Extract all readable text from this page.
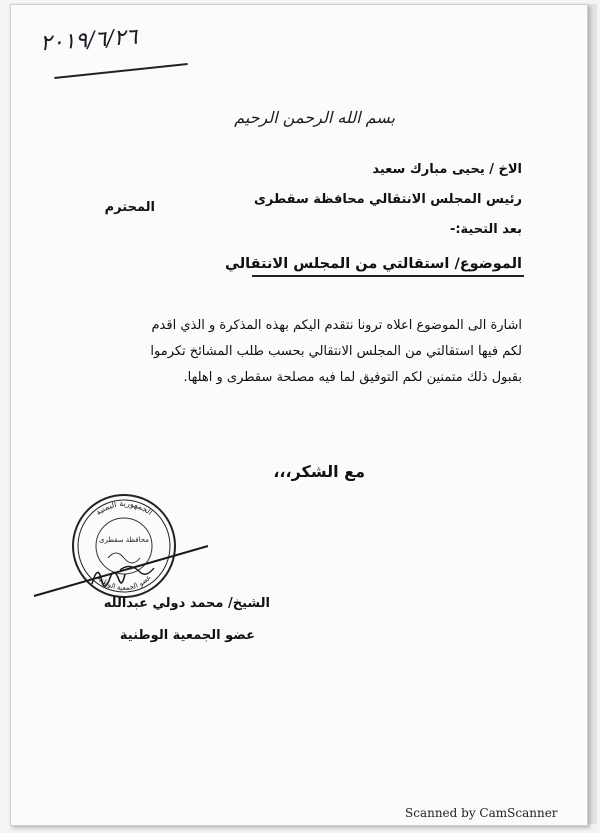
٢٠١٩/٦/٢٦
بسم الله الرحمن الرحيم
الاخ / يحيى مبارك سعيد
رئيس المجلس الانتقالي محافظة سقطرى
المحترم
بعد التحية:-
الموضوع/ استقالتي من المجلس الانتقالي
اشارة الى الموضوع اعلاه ترونا نتقدم اليكم بهذه المذكرة و الذي اقدم
لكم فيها استقالتي من المجلس الانتقالي بحسب طلب المشائخ تكرموا
بقبول ذلك متمنين لكم التوفيق لما فيه مصلحة سقطرى و اهلها.
مع الشكر،،،
الجمهورية اليمنية
عضو الجمعية الوطنية
محافظة سقطرى
الشيخ/ محمد دولي عبدالله
عضو الجمعية الوطنية
Scanned by CamScanner
